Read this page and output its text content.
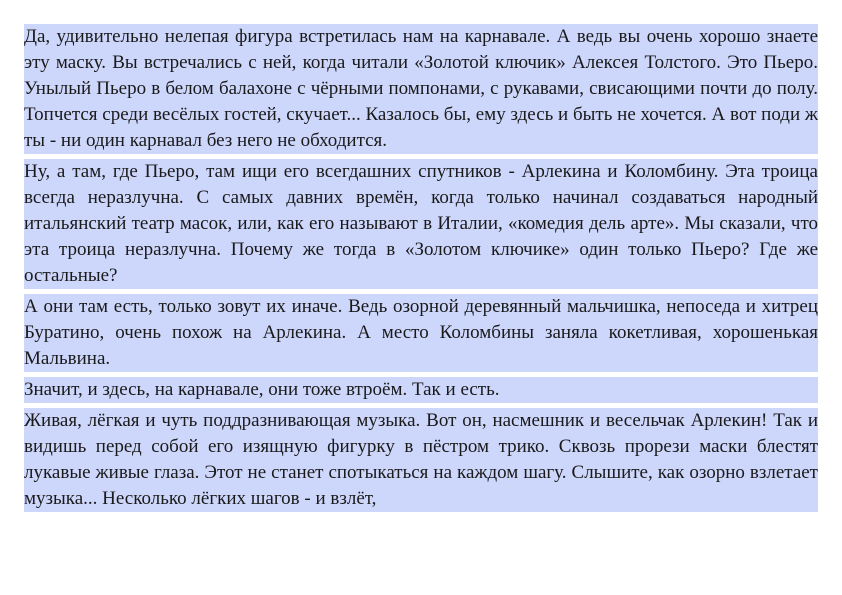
Да, удивительно нелепая фигура встретилась нам на карнавале. А ведь вы очень хорошо знаете эту маску. Вы встречались с ней, когда читали «Золотой ключик» Алексея Толстого. Это Пьеро. Унылый Пьеро в белом балахоне с чёрными помпонами, с рукавами, свисающими почти до полу. Топчется среди весёлых гостей, скучает... Казалось бы, ему здесь и быть не хочется. А вот поди ж ты - ни один карнавал без него не обходится.

Ну, а там, где Пьеро, там ищи его всегдашних спутников - Арлекина и Коломбину. Эта троица всегда неразлучна. С самых давних времён, когда только начинал создаваться народный итальянский театр масок, или, как его называют в Италии, «комедия дель арте». Мы сказали, что эта троица неразлучна. Почему же тогда в «Золотом ключике» один только Пьеро? Где же остальные?

А они там есть, только зовут их иначе. Ведь озорной деревянный мальчишка, непоседа и хитрец Буратино, очень похож на Арлекина. А место Коломбины заняла кокетливая, хорошенькая Мальвина.

Значит, и здесь, на карнавале, они тоже втроём. Так и есть.

Живая, лёгкая и чуть поддразнивающая музыка. Вот он, насмешник и весельчак Арлекин! Так и видишь перед собой его изящную фигурку в пёстром трико. Сквозь прорези маски блестят лукавые живые глаза. Этот не станет спотыкаться на каждом шагу. Слышите, как озорно взлетает музыка... Несколько лёгких шагов - и взлёт,
